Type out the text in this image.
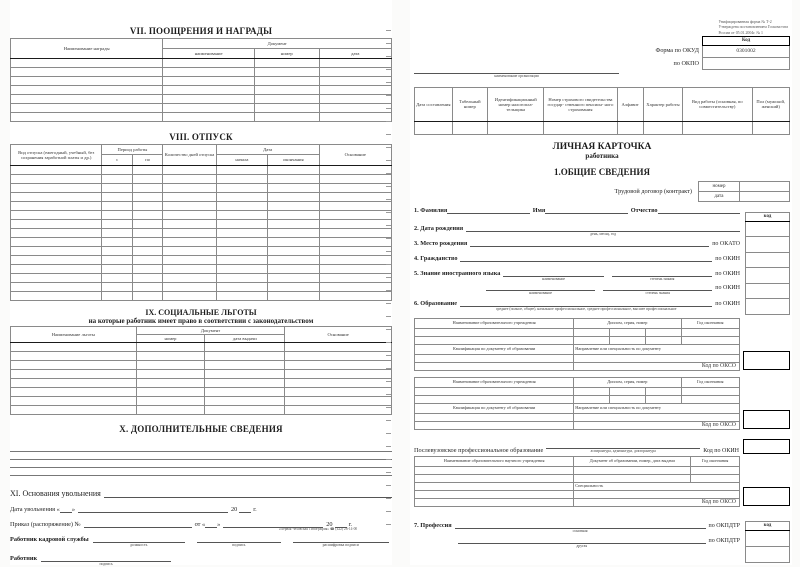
VII. ПООЩРЕНИЯ И НАГРАДЫ
Наименование награды	Документ		
	наименование	номер	дата

VIII. ОТПУСК
Вид отпуска (ежегодный, учебный, без сохранения заработной платы и др.)	Период работы		Количество дней отпуска	Дата		Основание
	с	по		начала	окончания	

IX. СОЦИАЛЬНЫЕ ЛЬГОТЫ
на которые работник имеет право в соответствии с законодательством
Наименование льготы	Документ		Основание
	номер	дата выдачи	

X. ДОПОЛНИТЕЛЬНЫЕ СВЕДЕНИЯ
XI. Основания увольнения
Дата увольнения « »	20	г.
Приказ (распоряжение) №	от « »	20	г.
Работник кадровой службы
должность	подпись	расшифровка подписи
Работник
подпись
«Первая Чеховская Типография» ☎ (422) 26-14-00
Унифицированная форма № Т-2
Утверждена постановлением Госкомстата
России от 05.01.2004г. № 1
наименование организации
Форма по ОКУД
по ОКПО
Код
0301002

Дата составления	Табельный номер	Идентификационный номер налогопла- тельщика	Номер страхового свидетельства государ- ственного пенсион- ного страхования	Алфавит	Характер работы	Вид работы (основная, по совместительству)	Пол (мужской, женский)

ЛИЧНАЯ КАРТОЧКА
работника
1.ОБЩИЕ СВЕДЕНИЯ
Трудовой договор (контракт)
номер	
дата	
код

1. Фамилия	Имя	Отчество
2. Дата рождения
день, месяц, год
3. Место рождения	по ОКАТО
4. Гражданство	по ОКИН
5. Знание иностранного языка
наименование	степень знания
по ОКИН
наименование	степень знания
по ОКИН
6. Образование
среднее (полное, общее), начальное профессиональное, среднее профессиональное, высшее профессиональное
по ОКИН
Наименование образовательного учреждения	Диплом, серия, номер			Год окончания

Квалификация по документу об образовании	Направление или специальность по документу			

	Код по ОКСО			
Наименование образовательного учреждения	Диплом, серия, номер			Год окончания

Квалификация по документу об образовании	Направление или специальность по документу			

	Код по ОКСО			
Послевузовское профессиональное образование	аспирантура, адъюнктура, докторантура	Код по ОКИН
Наименование образовательного научного учреждения	Документ об образовании, номер, дата выдачи	Год окончания

	Специальность	

	Код по ОКСО	
код

7. Профессия
основная
по ОКПДТР
другая
по ОКПДТР
